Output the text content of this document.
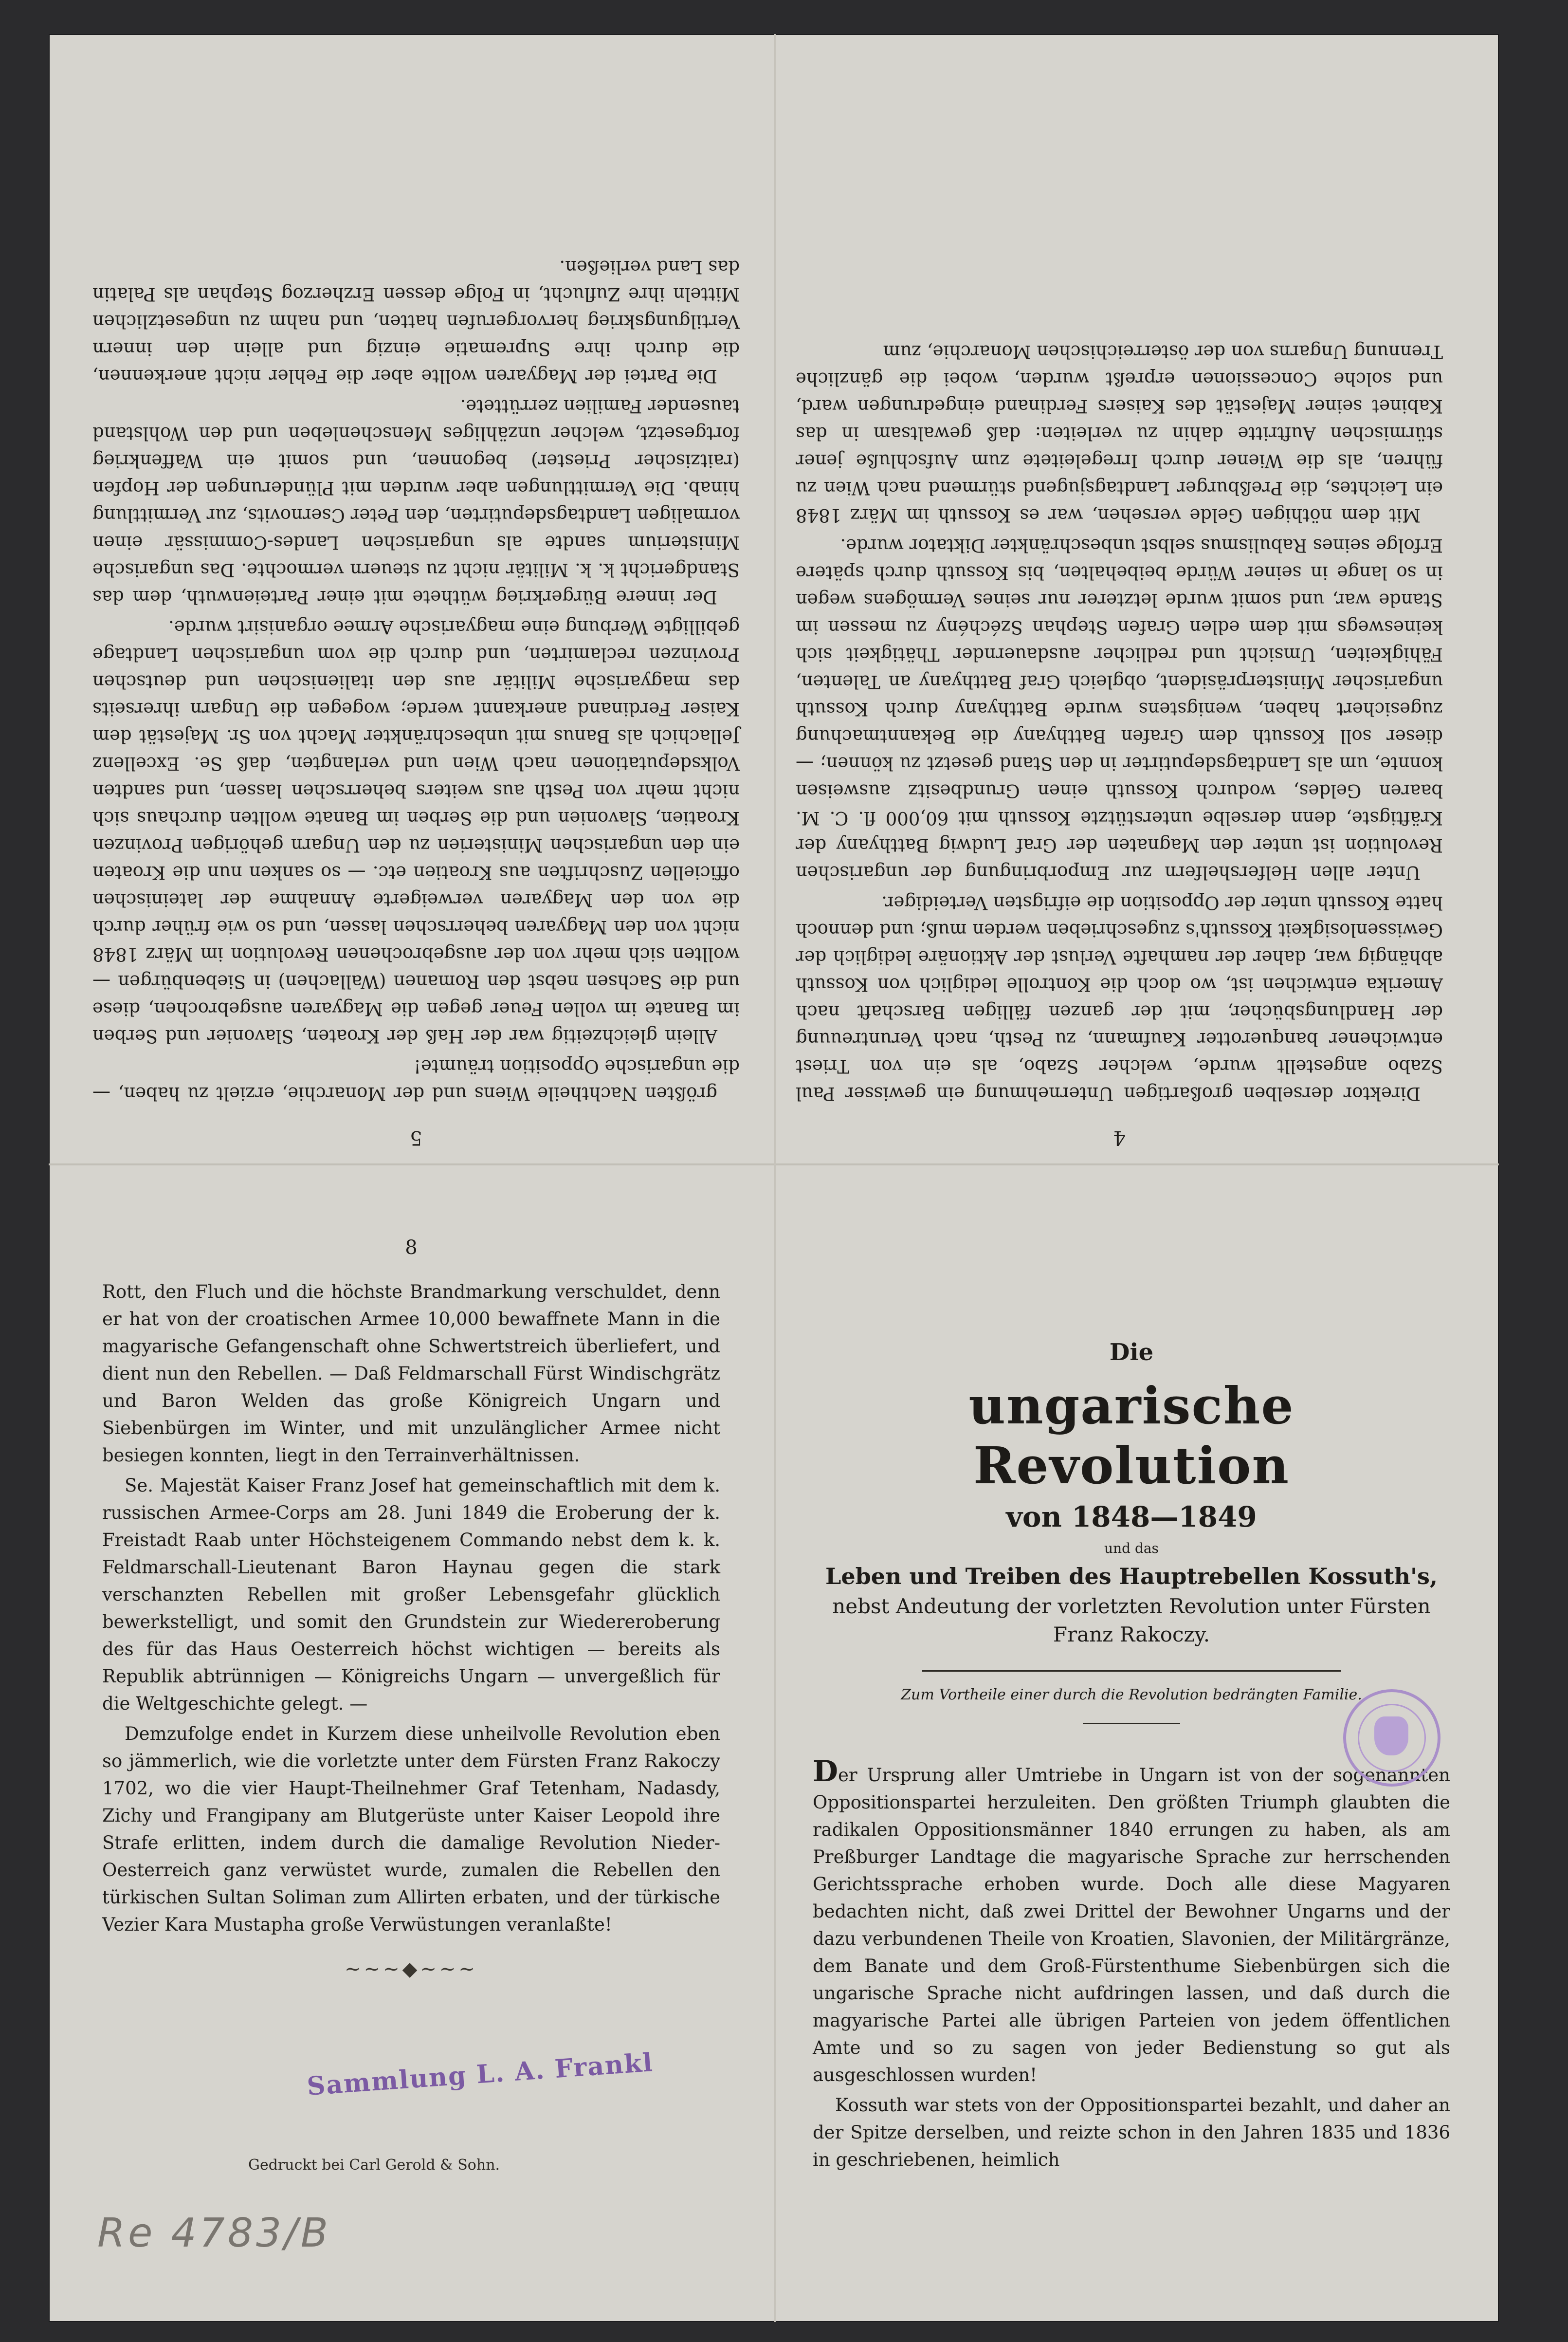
4

Direktor derselben großartigen Unternehmung ein gewisser Paul Szabo angestellt wurde, welcher Szabo, als ein von Triest entwichener banquerotter Kaufmann, zu Pesth, nach Veruntreuung der Handlungsbücher, mit der ganzen fälligen Barschaft nach Amerika entwichen ist, wo doch die Kontrolle lediglich von Kossuth abhängig war, daher der namhafte Verlust der Aktionäre lediglich der Gewissenlosigkeit Kossuth's zugeschrieben werden muß; und dennoch hatte Kossuth unter der Opposition die eifrigsten Verteidiger.

Unter allen Helfershelfern zur Emporbringung der ungarischen Revolution ist unter den Magnaten der Graf Ludwig Batthyany der Kräftigste, denn derselbe unterstützte Kossuth mit 60,000 fl. C. M. baaren Geldes, wodurch Kossuth einen Grundbesitz ausweisen konnte, um als Landtagsdeputirter in den Stand gesetzt zu können; — dieser soll Kossuth dem Grafen Batthyany die Bekanntmachung zugesichert haben, wenigstens wurde Batthyany durch Kossuth ungarischer Ministerpräsident, obgleich Graf Batthyany an Talenten, Fähigkeiten, Umsicht und redlicher ausdauernder Thätigkeit sich keineswegs mit dem edlen Grafen Stephan Széchény zu messen im Stande war, und somit wurde letzterer nur seines Vermögens wegen in so lange in seiner Würde beibehalten, bis Kossuth durch spätere Erfolge seines Rabulismus selbst unbeschränkter Diktator wurde.

Mit dem nöthigen Gelde versehen, war es Kossuth im März 1848 ein Leichtes, die Preßburger Landtagsjugend stürmend nach Wien zu führen, als die Wiener durch Irregeleitete zum Aufschluße jener stürmischen Auftritte dahin zu verleiten: daß gewaltsam in das Kabinet seiner Majestät des Kaisers Ferdinand eingedrungen ward, und solche Concessionen erpreßt wurden, wobei die gänzliche Trennung Ungarns von der österreichischen Monarchie, zum

5

größten Nachtheile Wiens und der Monarchie, erzielt zu haben, — die ungarische Opposition träumte!

Allein gleichzeitig war der Haß der Kroaten, Slavonier und Serben im Banate im vollen Feuer gegen die Magyaren ausgebrochen, diese und die Sachsen nebst den Romanen (Wallachen) in Siebenbürgen — wollten sich mehr von der ausgebrochenen Revolution im März 1848 nicht von den Magyaren beherrschen lassen, und so wie früher durch die von den Magyaren verweigerte Annahme der lateinischen officiellen Zuschriften aus Kroatien etc. — so sanken nun die Kroaten ein den ungarischen Ministerien zu den Ungarn gehörigen Provinzen Kroatien, Slavonien und die Serben im Banate wollten durchaus sich nicht mehr von Pesth aus weiters beherrschen lassen, und sandten Volksdeputationen nach Wien und verlangten, daß Se. Excellenz Jellachich als Banus mit unbeschränkter Macht von Sr. Majestät dem Kaiser Ferdinand anerkannt werde; wogegen die Ungarn ihrerseits das magyarische Militär aus den italienischen und deutschen Provinzen reclamirten, und durch die vom ungarischen Landtage gebilligte Werbung eine magyarische Armee organisirt wurde.

Der innere Bürgerkrieg wüthete mit einer Parteienwuth, dem das Standgericht k. k. Militär nicht zu steuern vermochte. Das ungarische Ministerium sandte als ungarischen Landes-Commissär einen vormaligen Landtagsdeputirten, den Peter Csernovits, zur Vermittlung hinab. Die Vermittlungen aber wurden mit Plünderungen der Hopfen (raitzischer Priester) begonnen, und somit ein Waffenkrieg fortgesetzt, welcher unzähliges Menschenleben und den Wohlstand tausender Familien zerrüttete.

Die Partei der Magyaren wollte aber die Fehler nicht anerkennen, die durch ihre Suprematie einzig und allein den innern Vertilgungskrieg hervorgerufen hatten, und nahm zu ungesetzlichen Mitteln ihre Zuflucht, in Folge dessen Erzherzog Stephan als Palatin das Land verließen.

8

Rott, den Fluch und die höchste Brandmarkung verschuldet, denn er hat von der croatischen Armee 10,000 bewaffnete Mann in die magyarische Gefangenschaft ohne Schwertstreich überliefert, und dient nun den Rebellen. — Daß Feldmarschall Fürst Windischgrätz und Baron Welden das große Königreich Ungarn und Siebenbürgen im Winter, und mit unzulänglicher Armee nicht besiegen konnten, liegt in den Terrainverhältnissen.

Se. Majestät Kaiser Franz Josef hat gemeinschaftlich mit dem k. russischen Armee-Corps am 28. Juni 1849 die Eroberung der k. Freistadt Raab unter Höchsteigenem Commando nebst dem k. k. Feldmarschall-Lieutenant Baron Haynau gegen die stark verschanzten Rebellen mit großer Lebensgefahr glücklich bewerkstelligt, und somit den Grundstein zur Wiedereroberung des für das Haus Oesterreich höchst wichtigen — bereits als Republik abtrünnigen — Königreichs Ungarn — unvergeßlich für die Weltgeschichte gelegt. —

Demzufolge endet in Kurzem diese unheilvolle Revolution eben so jämmerlich, wie die vorletzte unter dem Fürsten Franz Rakoczy 1702, wo die vier Haupt-Theilnehmer Graf Tetenham, Nadasdy, Zichy und Frangipany am Blutgerüste unter Kaiser Leopold ihre Strafe erlitten, indem durch die damalige Revolution Nieder-Oesterreich ganz verwüstet wurde, zumalen die Rebellen den türkischen Sultan Soliman zum Allirten erbaten, und der türkische Vezier Kara Mustapha große Verwüstungen veranlaßte!

~~~◆~~~
Sammlung L. A. Frankl
Gedruckt bei Carl Gerold & Sohn.
Re 4783/B
Die
ungarische Revolution
von 1848—1849
und das
Leben und Treiben des Hauptrebellen Kossuth's,
nebst Andeutung der vorletzten Revolution unter Fürsten Franz Rakoczy.
Zum Vortheile einer durch die Revolution bedrängten Familie.

Der Ursprung aller Umtriebe in Ungarn ist von der sogenannten Oppositionspartei herzuleiten. Den größten Triumph glaubten die radikalen Oppositionsmänner 1840 errungen zu haben, als am Preßburger Landtage die magyarische Sprache zur herrschenden Gerichtssprache erhoben wurde. Doch alle diese Magyaren bedachten nicht, daß zwei Drittel der Bewohner Ungarns und der dazu verbundenen Theile von Kroatien, Slavonien, der Militärgränze, dem Banate und dem Groß-Fürstenthume Siebenbürgen sich die ungarische Sprache nicht aufdringen lassen, und daß durch die magyarische Partei alle übrigen Parteien von jedem öffentlichen Amte und so zu sagen von jeder Bedienstung so gut als ausgeschlossen wurden!

Kossuth war stets von der Oppositionspartei bezahlt, und daher an der Spitze derselben, und reizte schon in den Jahren 1835 und 1836 in geschriebenen, heimlich
